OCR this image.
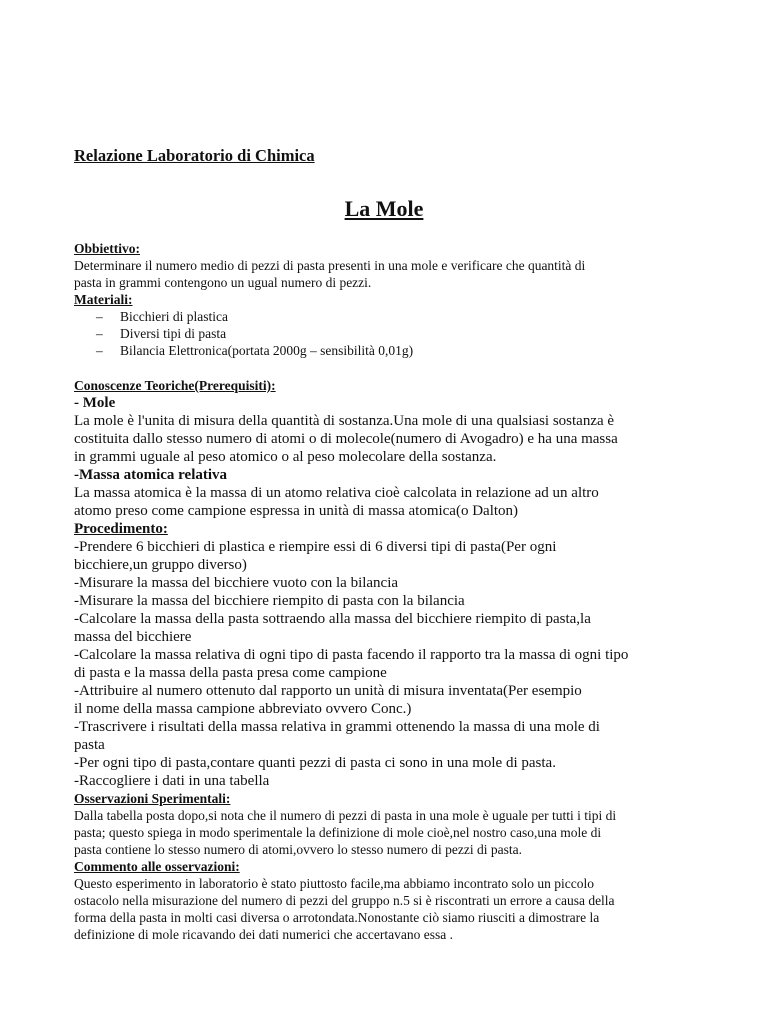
Relazione Laboratorio di Chimica
La Mole
Obbiettivo:
Determinare il numero medio di pezzi di pasta presenti in una mole e verificare che quantità di
pasta in grammi contengono un ugual numero di pezzi.
Materiali:
– Bicchieri di plastica
– Diversi tipi di pasta
– Bilancia Elettronica(portata 2000g – sensibilità 0,01g)
Conoscenze Teoriche(Prerequisiti):
- Mole
La mole è l'unita di misura della quantità di sostanza.Una mole di una qualsiasi sostanza è
costituita dallo stesso numero di atomi o di molecole(numero di Avogadro) e ha una massa
in grammi uguale al peso atomico o al peso molecolare della sostanza.
-Massa atomica relativa
La massa atomica è la massa di un atomo relativa cioè calcolata in relazione ad un altro
atomo preso come campione espressa in unità di massa atomica(o Dalton)
Procedimento:
-Prendere 6 bicchieri di plastica e riempire essi di 6 diversi tipi di pasta(Per ogni
bicchiere,un gruppo diverso)
-Misurare la massa del bicchiere vuoto con la bilancia
-Misurare la massa del bicchiere riempito di pasta con la bilancia
-Calcolare la massa della pasta sottraendo alla massa del bicchiere riempito di pasta,la
massa del bicchiere
-Calcolare la massa relativa di ogni tipo di pasta facendo il rapporto tra la massa di ogni tipo
di pasta e la massa della pasta presa come campione
-Attribuire al numero ottenuto dal rapporto un unità di misura inventata(Per esempio
il nome della massa campione abbreviato ovvero Conc.)
-Trascrivere i risultati della massa relativa in grammi ottenendo la massa di una mole di
pasta
-Per ogni tipo di pasta,contare quanti pezzi di pasta ci sono in una mole di pasta.
-Raccogliere i dati in una tabella
Osservazioni Sperimentali:
Dalla tabella posta dopo,si nota che il numero di pezzi di pasta in una mole è uguale per tutti i tipi di
pasta; questo spiega in modo sperimentale la definizione di mole cioè,nel nostro caso,una mole di
pasta contiene lo stesso numero di atomi,ovvero lo stesso numero di pezzi di pasta.
Commento alle osservazioni:
Questo esperimento in laboratorio è stato piuttosto facile,ma abbiamo incontrato solo un piccolo
ostacolo nella misurazione del numero di pezzi del gruppo n.5 si è riscontrati un errore a causa della
forma della pasta in molti casi diversa o arrotondata.Nonostante ciò siamo riusciti a dimostrare la
definizione di mole ricavando dei dati numerici che accertavano essa .
